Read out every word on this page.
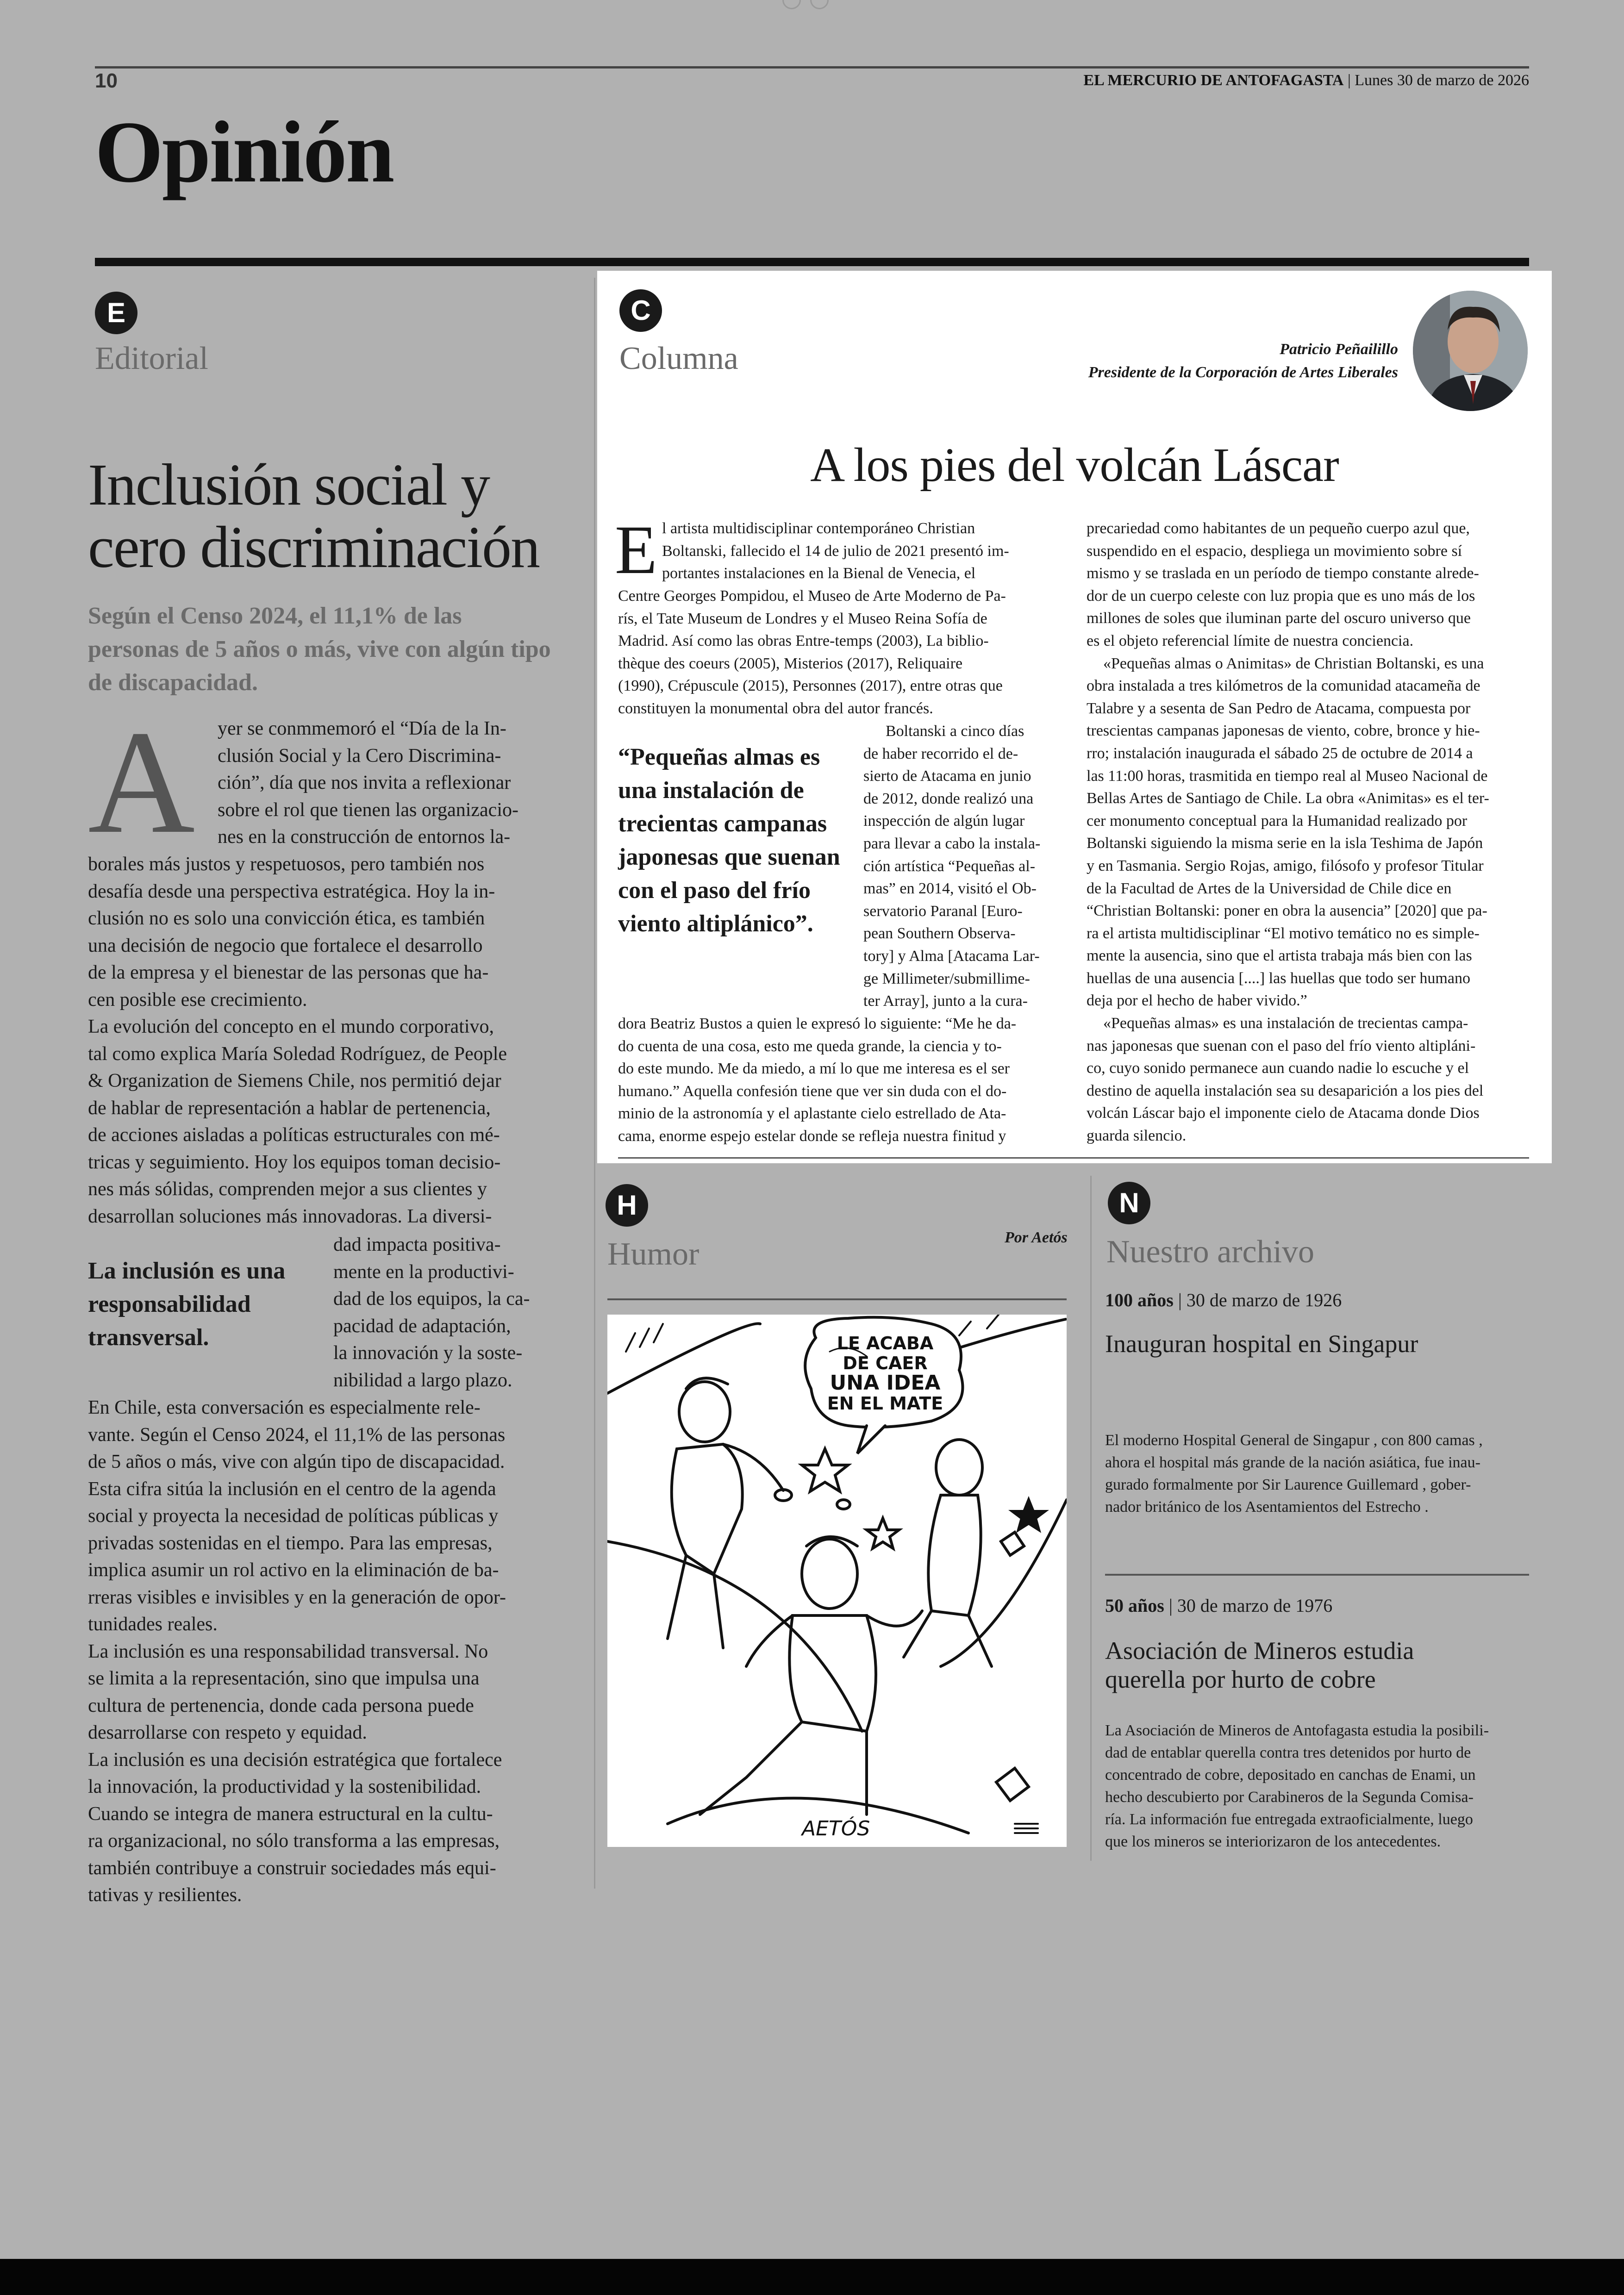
10	EL MERCURIO DE ANTOFAGASTA | Lunes 30 de marzo de 2026
Opinión
E
Editorial
Inclusión social y cero discriminación
Según el Censo 2024, el 11,1% de las personas de 5 años o más, vive con algún tipo de discapacidad.
A yer se conmmemoró el “Día de la In-
clusión Social y la Cero Discrimina-
ción”, día que nos invita a reflexionar
sobre el rol que tienen las organizacio-
nes en la construcción de entornos la-
borales más justos y respetuosos, pero también nos
desafía desde una perspectiva estratégica. Hoy la in-
clusión no es solo una convicción ética, es también
una decisión de negocio que fortalece el desarrollo
de la empresa y el bienestar de las personas que ha-
cen posible ese crecimiento.
La evolución del concepto en el mundo corporativo,
tal como explica María Soledad Rodríguez, de People
& Organization de Siemens Chile, nos permitió dejar
de hablar de representación a hablar de pertenencia,
de acciones aisladas a políticas estructurales con mé-
tricas y seguimiento. Hoy los equipos toman decisio-
nes más sólidas, comprenden mejor a sus clientes y
desarrollan soluciones más innovadoras. La diversi-
dad impacta positiva-
mente en la productivi-
dad de los equipos, la ca-
pacidad de adaptación,
la innovación y la soste-
nibilidad a largo plazo.
La inclusión es una responsabilidad transversal.
En Chile, esta conversación es especialmente rele-
vante. Según el Censo 2024, el 11,1% de las personas
de 5 años o más, vive con algún tipo de discapacidad.
Esta cifra sitúa la inclusión en el centro de la agenda
social y proyecta la necesidad de políticas públicas y
privadas sostenidas en el tiempo. Para las empresas,
implica asumir un rol activo en la eliminación de ba-
rreras visibles e invisibles y en la generación de opor-
tunidades reales.
La inclusión es una responsabilidad transversal. No
se limita a la representación, sino que impulsa una
cultura de pertenencia, donde cada persona puede
desarrollarse con respeto y equidad.
La inclusión es una decisión estratégica que fortalece
la innovación, la productividad y la sostenibilidad.
Cuando se integra de manera estructural en la cultu-
ra organizacional, no sólo transforma a las empresas,
también contribuye a construir sociedades más equi-
tativas y resilientes.
C
Columna	Patricio Peñailillo
Presidente de la Corporación de Artes Liberales
A los pies del volcán Láscar
E l artista multidisciplinar contemporáneo Christian
Boltanski, fallecido el 14 de julio de 2021 presentó im-
portantes instalaciones en la Bienal de Venecia, el
Centre Georges Pompidou, el Museo de Arte Moderno de Pa-
rís, el Tate Museum de Londres y el Museo Reina Sofía de
Madrid. Así como las obras Entre-temps (2003), La biblio-
thèque des coeurs (2005), Misterios (2017), Reliquaire
(1990), Crépuscule (2015), Personnes (2017), entre otras que
constituyen la monumental obra del autor francés.
“Pequeñas almas es una instalación de trecientas campanas japonesas que suenan con el paso del frío viento altiplánico”.
Boltanski a cinco días
de haber recorrido el de-
sierto de Atacama en junio
de 2012, donde realizó una
inspección de algún lugar
para llevar a cabo la instala-
ción artística “Pequeñas al-
mas” en 2014, visitó el Ob-
servatorio Paranal [Euro-
pean Southern Observa-
tory] y Alma [Atacama Lar-
ge Millimeter/submillime-
ter Array], junto a la cura-
dora Beatriz Bustos a quien le expresó lo siguiente: “Me he da-
do cuenta de una cosa, esto me queda grande, la ciencia y to-
do este mundo. Me da miedo, a mí lo que me interesa es el ser
humano.” Aquella confesión tiene que ver sin duda con el do-
minio de la astronomía y el aplastante cielo estrellado de Ata-
cama, enorme espejo estelar donde se refleja nuestra finitud y
precariedad como habitantes de un pequeño cuerpo azul que,
suspendido en el espacio, despliega un movimiento sobre sí
mismo y se traslada en un período de tiempo constante alrede-
dor de un cuerpo celeste con luz propia que es uno más de los
millones de soles que iluminan parte del oscuro universo que
es el objeto referencial límite de nuestra conciencia.
«Pequeñas almas o Animitas» de Christian Boltanski, es una
obra instalada a tres kilómetros de la comunidad atacameña de
Talabre y a sesenta de San Pedro de Atacama, compuesta por
trescientas campanas japonesas de viento, cobre, bronce y hie-
rro; instalación inaugurada el sábado 25 de octubre de 2014 a
las 11:00 horas, trasmitida en tiempo real al Museo Nacional de
Bellas Artes de Santiago de Chile. La obra «Animitas» es el ter-
cer monumento conceptual para la Humanidad realizado por
Boltanski siguiendo la misma serie en la isla Teshima de Japón
y en Tasmania. Sergio Rojas, amigo, filósofo y profesor Titular
de la Facultad de Artes de la Universidad de Chile dice en
“Christian Boltanski: poner en obra la ausencia” [2020] que pa-
ra el artista multidisciplinar “El motivo temático no es simple-
mente la ausencia, sino que el artista trabaja más bien con las
huellas de una ausencia [....] las huellas que todo ser humano
deja por el hecho de haber vivido.”
«Pequeñas almas» es una instalación de trecientas campa-
nas japonesas que suenan con el paso del frío viento altipláni-
co, cuyo sonido permanece aun cuando nadie lo escuche y el
destino de aquella instalación sea su desaparición a los pies del
volcán Láscar bajo el imponente cielo de Atacama donde Dios
guarda silencio.
H
Humor	Por Aetós
LE ACABA
DE CAER
UNA IDEA
EN EL MATE
AETÓS
N
Nuestro archivo
100 años | 30 de marzo de 1926
Inauguran hospital en Singapur
El moderno Hospital General de Singapur , con 800 camas ,
ahora el hospital más grande de la nación asiática, fue inau-
gurado formalmente por Sir Laurence Guillemard , gober-
nador británico de los Asentamientos del Estrecho .
50 años | 30 de marzo de 1976
Asociación de Mineros estudia
querella por hurto de cobre
La Asociación de Mineros de Antofagasta estudia la posibili-
dad de entablar querella contra tres detenidos por hurto de
concentrado de cobre, depositado en canchas de Enami, un
hecho descubierto por Carabineros de la Segunda Comisa-
ría. La información fue entregada extraoficialmente, luego
que los mineros se interiorizaron de los antecedentes.
